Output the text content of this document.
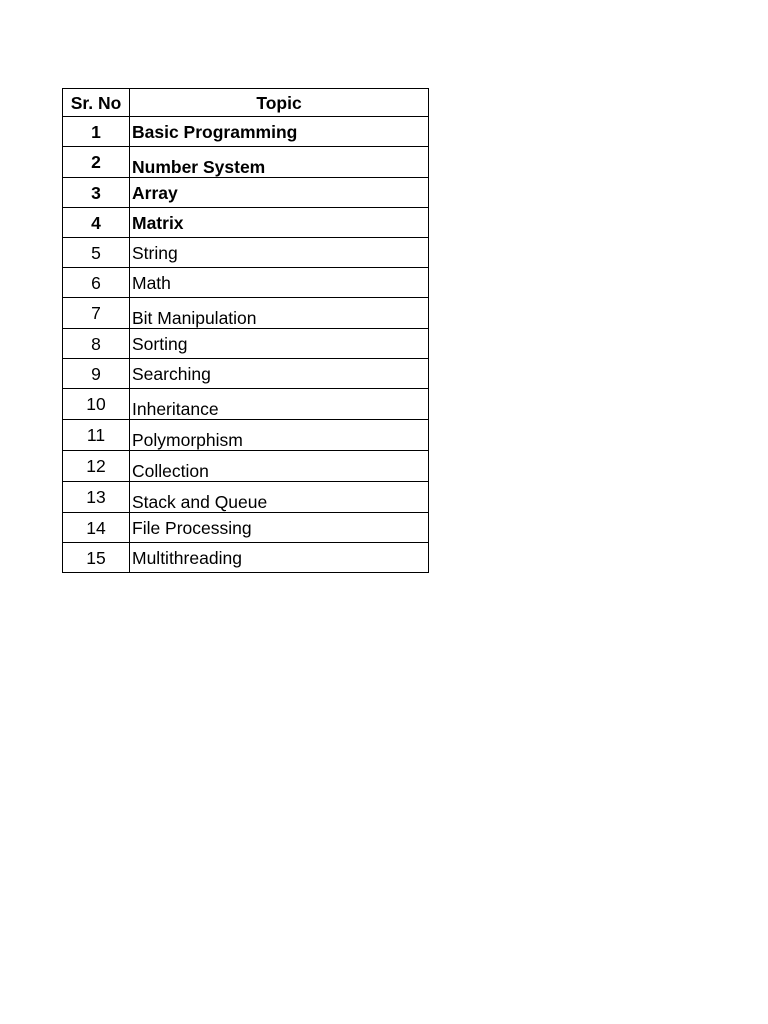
Sr. No	Topic
1	Basic Programming
2	Number System
3	Array
4	Matrix
5	String
6	Math
7	Bit Manipulation
8	Sorting
9	Searching
10	Inheritance
11	Polymorphism
12	Collection
13	Stack and Queue
14	File Processing
15	Multithreading
